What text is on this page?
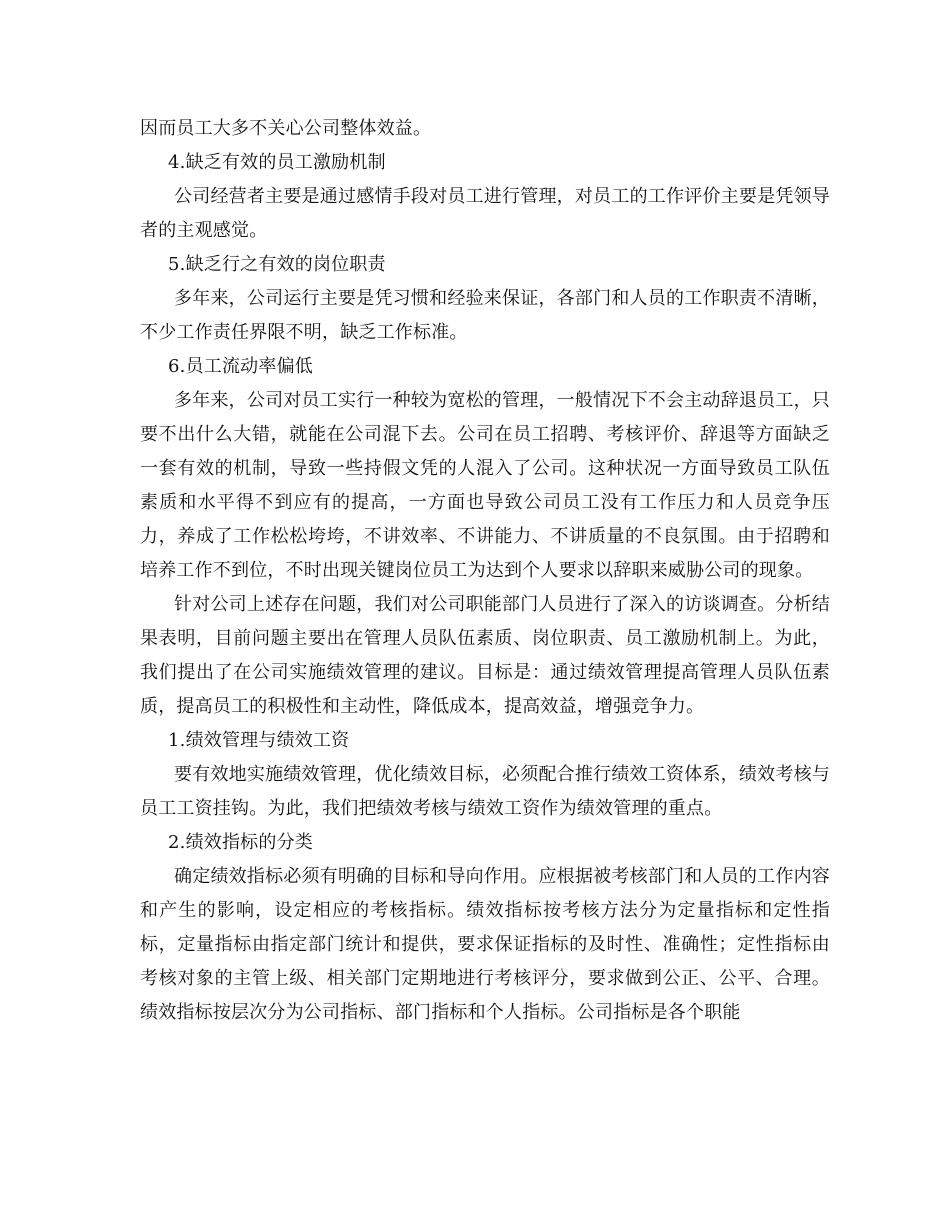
因而员工大多不关心公司整体效益。

4.缺乏有效的员工激励机制

公司经营者主要是通过感情手段对员工进行管理，对员工的工作评价主要是凭领导者的主观感觉。

5.缺乏行之有效的岗位职责

多年来，公司运行主要是凭习惯和经验来保证，各部门和人员的工作职责不清晰，不少工作责任界限不明，缺乏工作标准。

6.员工流动率偏低

多年来，公司对员工实行一种较为宽松的管理，一般情况下不会主动辞退员工，只要不出什么大错，就能在公司混下去。公司在员工招聘、考核评价、辞退等方面缺乏一套有效的机制，导致一些持假文凭的人混入了公司。这种状况一方面导致员工队伍素质和水平得不到应有的提高，一方面也导致公司员工没有工作压力和人员竞争压力，养成了工作松松垮垮，不讲效率、不讲能力、不讲质量的不良氛围。由于招聘和培养工作不到位，不时出现关键岗位员工为达到个人要求以辞职来威胁公司的现象。

针对公司上述存在问题，我们对公司职能部门人员进行了深入的访谈调查。分析结果表明，目前问题主要出在管理人员队伍素质、岗位职责、员工激励机制上。为此，我们提出了在公司实施绩效管理的建议。目标是：通过绩效管理提高管理人员队伍素质，提高员工的积极性和主动性，降低成本，提高效益，增强竞争力。

1.绩效管理与绩效工资

要有效地实施绩效管理，优化绩效目标，必须配合推行绩效工资体系，绩效考核与员工工资挂钩。为此，我们把绩效考核与绩效工资作为绩效管理的重点。

2.绩效指标的分类

确定绩效指标必须有明确的目标和导向作用。应根据被考核部门和人员的工作内容和产生的影响，设定相应的考核指标。绩效指标按考核方法分为定量指标和定性指标，定量指标由指定部门统计和提供，要求保证指标的及时性、准确性；定性指标由考核对象的主管上级、相关部门定期地进行考核评分，要求做到公正、公平、合理。绩效指标按层次分为公司指标、部门指标和个人指标。公司指标是各个职能
